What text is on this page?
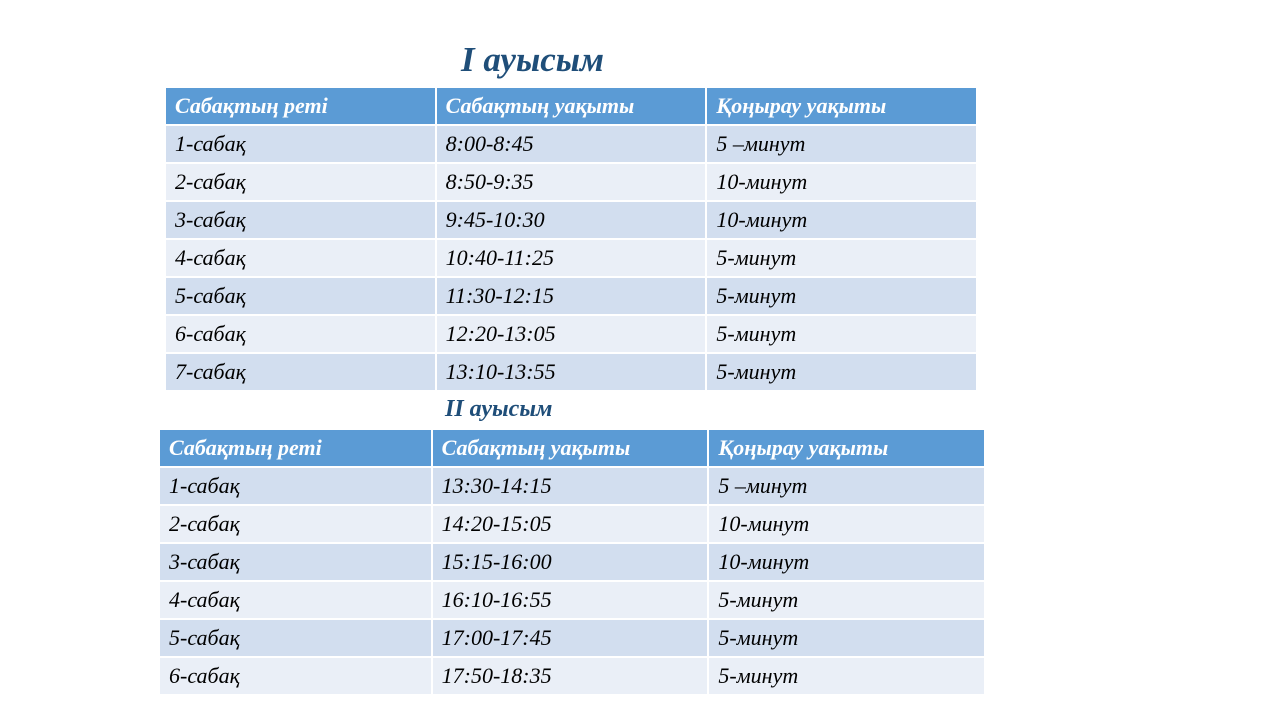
I ауысым
Сабақтың реті	Сабақтың уақыты	Қоңырау уақыты
1-сабақ	8:00-8:45	5 –минут
2-сабақ	8:50-9:35	10-минут
3-сабақ	9:45-10:30	10-минут
4-сабақ	10:40-11:25	5-минут
5-сабақ	11:30-12:15	5-минут
6-сабақ	12:20-13:05	5-минут
7-сабақ	13:10-13:55	5-минут
II ауысым
Сабақтың реті	Сабақтың уақыты	Қоңырау уақыты
1-сабақ	13:30-14:15	5 –минут
2-сабақ	14:20-15:05	10-минут
3-сабақ	15:15-16:00	10-минут
4-сабақ	16:10-16:55	5-минут
5-сабақ	17:00-17:45	5-минут
6-сабақ	17:50-18:35	5-минут
